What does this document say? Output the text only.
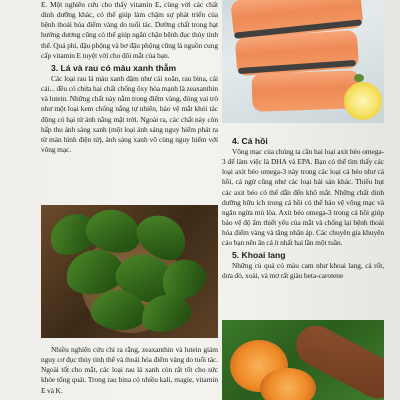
E. Một nghiên cứu cho thấy vitamin E, cùng với các chất dinh dưỡng khác, có thể giúp làm chậm sự phát triển của bệnh thoái hóa điểm vàng do tuổi tác. Dường chất trong hạt hướng dương cũng có thể giúp ngăn chặn bệnh đục thủy tinh thể. Quả phỉ, đậu phộng và bơ đậu phộng cũng là nguồn cung cấp vitamin E tuyệt vời cho đôi mắt của bạn.

3. Lá và rau có màu xanh thẫm

Các loại rau lá màu xanh đậm như cải xoăn, rau bina, cải cải... đều có chứa hai chất chống ôxy hóa mạnh là zeaxanthin và lutein. Những chất này nằm trong điểm vàng, đóng vai trò như một loại kem chống nắng tự nhiên, bảo vệ mắt khỏi tác động có hại từ ánh nắng mặt trời. Ngoài ra, các chất này còn hấp thu ánh sáng xanh (một loại ánh sáng nguy hiểm phát ra từ màn hình điện tử), ánh sáng xanh vô cùng nguy hiểm với võng mạc.

Nhiều nghiên cứu chỉ ra rằng, zeaxanthin và lutein giảm nguy cơ đục thủy tinh thể và thoái hóa điểm vàng do tuổi tác. Ngoài tốt cho mắt, các loại rau lá xanh còn rất tốt cho sức khỏe tổng quát. Trong rau bina có nhiều kali, magie, vitamin E và K.

4. Cá hồi

Võng mạc của chúng ta cần hai loại axit béo omega-3 để làm việc là DHA và EPA. Bạn có thể tìm thấy các loại axit béo omega-3 này trong các loại cá béo như cá hồi, cá ngừ cũng như các loại hải sản khác. Thiếu hụt các axit béo có thể dẫn đến khô mắt. Những chất dinh dưỡng hữu ích trong cá hồi có thể bảo vệ võng mạc và ngăn ngừa mù lòa. Axit béo omega-3 trong cá hồi giúp bảo vệ độ ẩm thiết yếu của mắt và chống lại bệnh thoái hóa điểm vàng và tăng nhãn áp. Các chuyên gia khuyên cáo bạn nên ăn cá ít nhất hai lần một tuần.

5. Khoai lang

Những củ quả có màu cam như khoai lang, cà rốt, dưa đỏ, xoài, và mơ rất giàu beta-carotene
